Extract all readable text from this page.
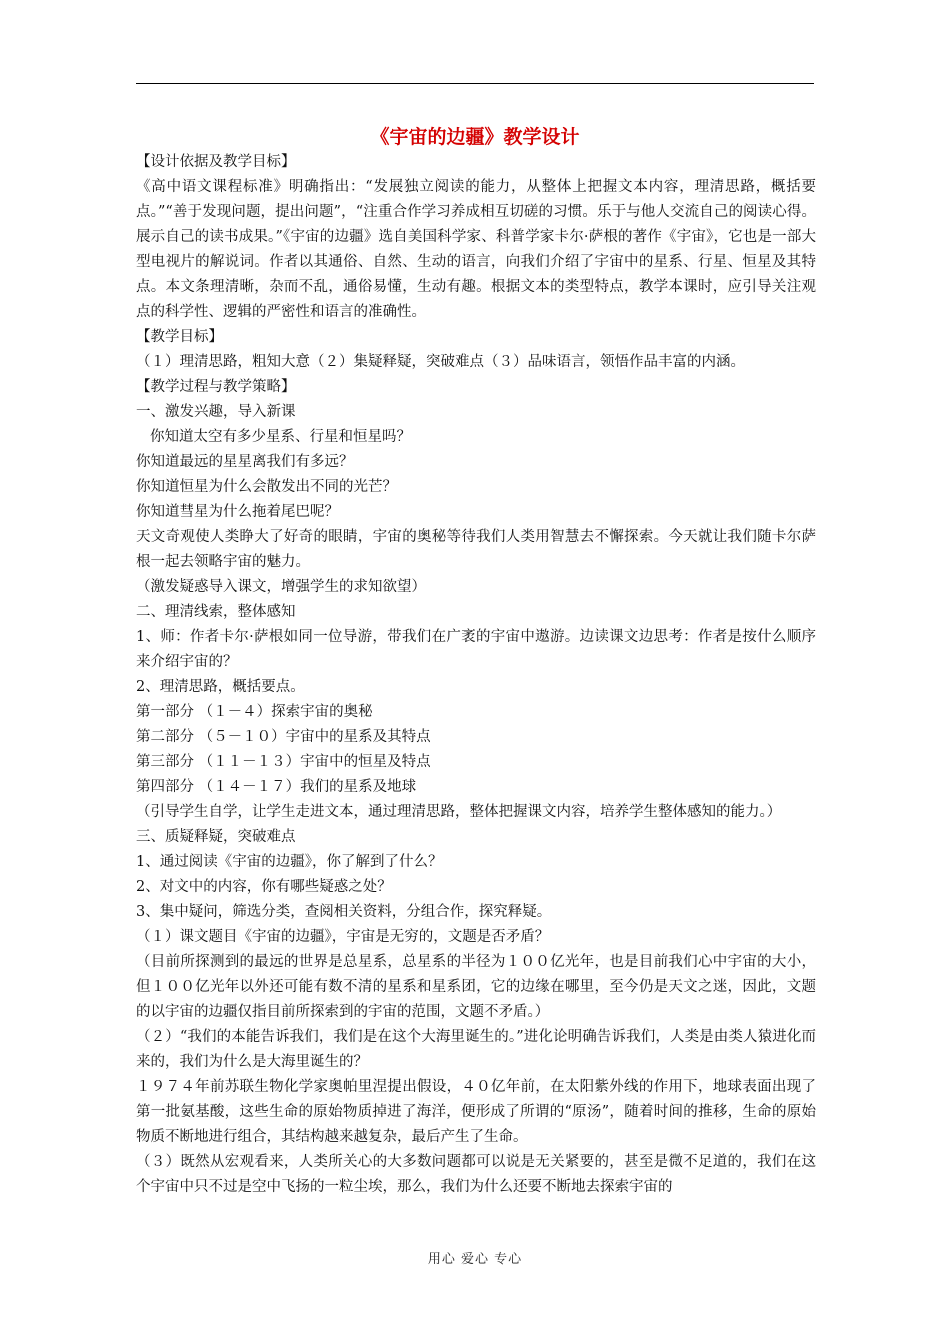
《宇宙的边疆》教学设计

【设计依据及教学目标】

《高中语文课程标准》明确指出：“发展独立阅读的能力，从整体上把握文本内容，理清思路，概括要点。”“善于发现问题，提出问题”，“注重合作学习养成相互切磋的习惯。乐于与他人交流自己的阅读心得。展示自己的读书成果。”《宇宙的边疆》选自美国科学家、科普学家卡尔·萨根的著作《宇宙》，它也是一部大型电视片的解说词。作者以其通俗、自然、生动的语言，向我们介绍了宇宙中的星系、行星、恒星及其特点。本文条理清晰，杂而不乱，通俗易懂，生动有趣。根据文本的类型特点，教学本课时，应引导关注观点的科学性、逻辑的严密性和语言的准确性。

【教学目标】

（１）理清思路，粗知大意（２）集疑释疑，突破难点（３）品味语言，领悟作品丰富的内涵。

【教学过程与教学策略】

一、激发兴趣，导入新课

你知道太空有多少星系、行星和恒星吗？

你知道最远的星星离我们有多远？

你知道恒星为什么会散发出不同的光芒？

你知道彗星为什么拖着尾巴呢？

天文奇观使人类睁大了好奇的眼睛，宇宙的奥秘等待我们人类用智慧去不懈探索。今天就让我们随卡尔萨根一起去领略宇宙的魅力。

（激发疑惑导入课文，增强学生的求知欲望）

二、理清线索，整体感知

1、师：作者卡尔·萨根如同一位导游，带我们在广袤的宇宙中遨游。边读课文边思考：作者是按什么顺序来介绍宇宙的？

2、理清思路，概括要点。

第一部分 （１－４）探索宇宙的奥秘

第二部分 （５－１０）宇宙中的星系及其特点

第三部分 （１１－１３）宇宙中的恒星及特点

第四部分 （１４－１７）我们的星系及地球

（引导学生自学，让学生走进文本，通过理清思路，整体把握课文内容，培养学生整体感知的能力。）

三、质疑释疑，突破难点

1、通过阅读《宇宙的边疆》，你了解到了什么？

2、对文中的内容，你有哪些疑惑之处？

3、集中疑问，筛选分类，查阅相关资料，分组合作，探究释疑。

（１）课文题目《宇宙的边疆》，宇宙是无穷的，文题是否矛盾？

（目前所探测到的最远的世界是总星系，总星系的半径为１００亿光年，也是目前我们心中宇宙的大小，但１００亿光年以外还可能有数不清的星系和星系团，它的边缘在哪里，至今仍是天文之迷，因此，文题的以宇宙的边疆仅指目前所探索到的宇宙的范围，文题不矛盾。）

（２）“我们的本能告诉我们，我们是在这个大海里诞生的。”进化论明确告诉我们，人类是由类人猿进化而来的，我们为什么是大海里诞生的？

１９７４年前苏联生物化学家奥帕里涅提出假设，４０亿年前，在太阳紫外线的作用下，地球表面出现了第一批氨基酸，这些生命的原始物质掉进了海洋，便形成了所谓的“原汤”，随着时间的推移，生命的原始物质不断地进行组合，其结构越来越复杂，最后产生了生命。

（３）既然从宏观看来，人类所关心的大多数问题都可以说是无关紧要的，甚至是微不足道的，我们在这个宇宙中只不过是空中飞扬的一粒尘埃，那么，我们为什么还要不断地去探索宇宙的

用心 爱心 专心
